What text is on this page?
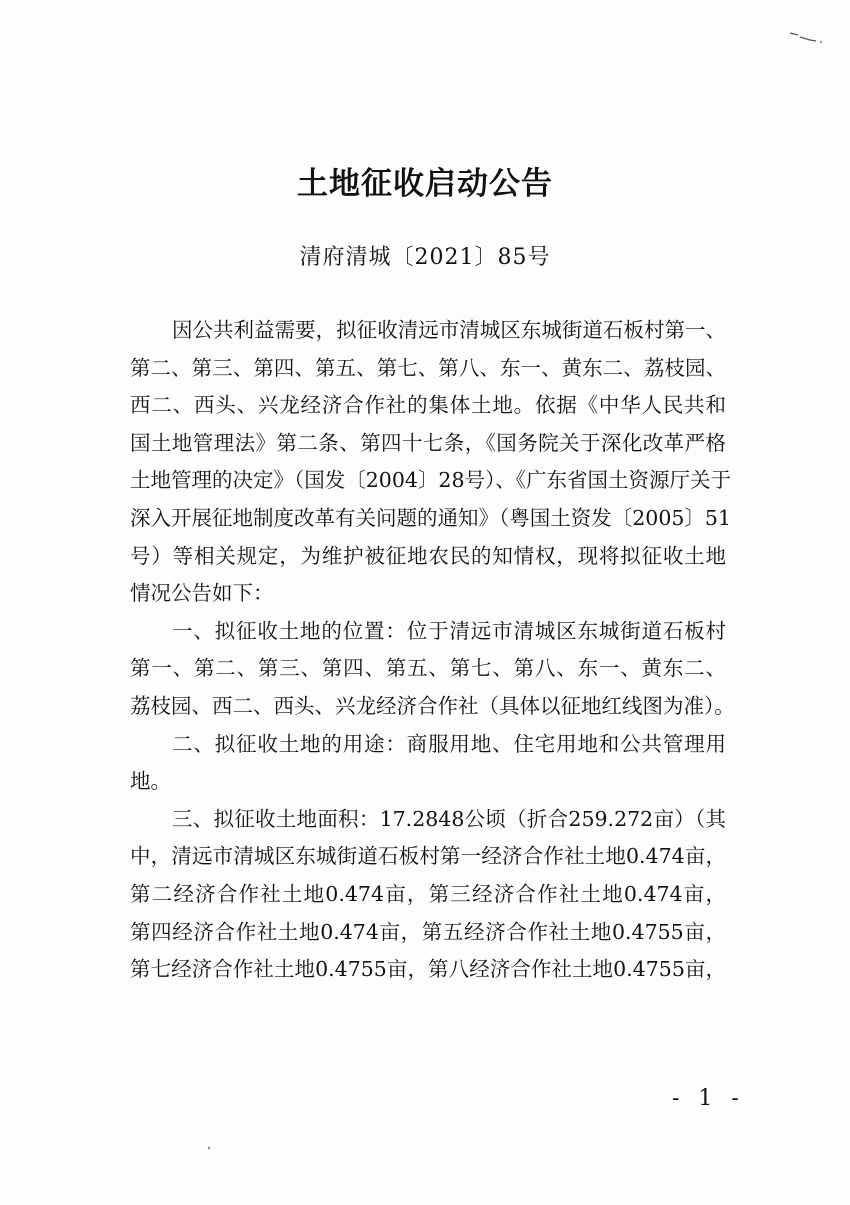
土地征收启动公告
清府清城〔2021〕85号
因公共利益需要，拟征收清远市清城区东城街道石板村第一、
第二、第三、第四、第五、第七、第八、东一、黄东二、荔枝园、
西二、西头、兴龙经济合作社的集体土地。依据《中华人民共和
国土地管理法》第二条、第四十七条，《国务院关于深化改革严格
土地管理的决定》（国发〔2004〕28号）、《广东省国土资源厅关于
深入开展征地制度改革有关问题的通知》（粤国土资发〔2005〕51
号）等相关规定，为维护被征地农民的知情权，现将拟征收土地
情况公告如下：
一、拟征收土地的位置：位于清远市清城区东城街道石板村
第一、第二、第三、第四、第五、第七、第八、东一、黄东二、
荔枝园、西二、西头、兴龙经济合作社（具体以征地红线图为准）。
二、拟征收土地的用途：商服用地、住宅用地和公共管理用
地。
三、拟征收土地面积：17.2848公顷（折合259.272亩）（其
中，清远市清城区东城街道石板村第一经济合作社土地0.474亩，
第二经济合作社土地0.474亩，第三经济合作社土地0.474亩，
第四经济合作社土地0.474亩，第五经济合作社土地0.4755亩，
第七经济合作社土地0.4755亩，第八经济合作社土地0.4755亩，
- 1 -
